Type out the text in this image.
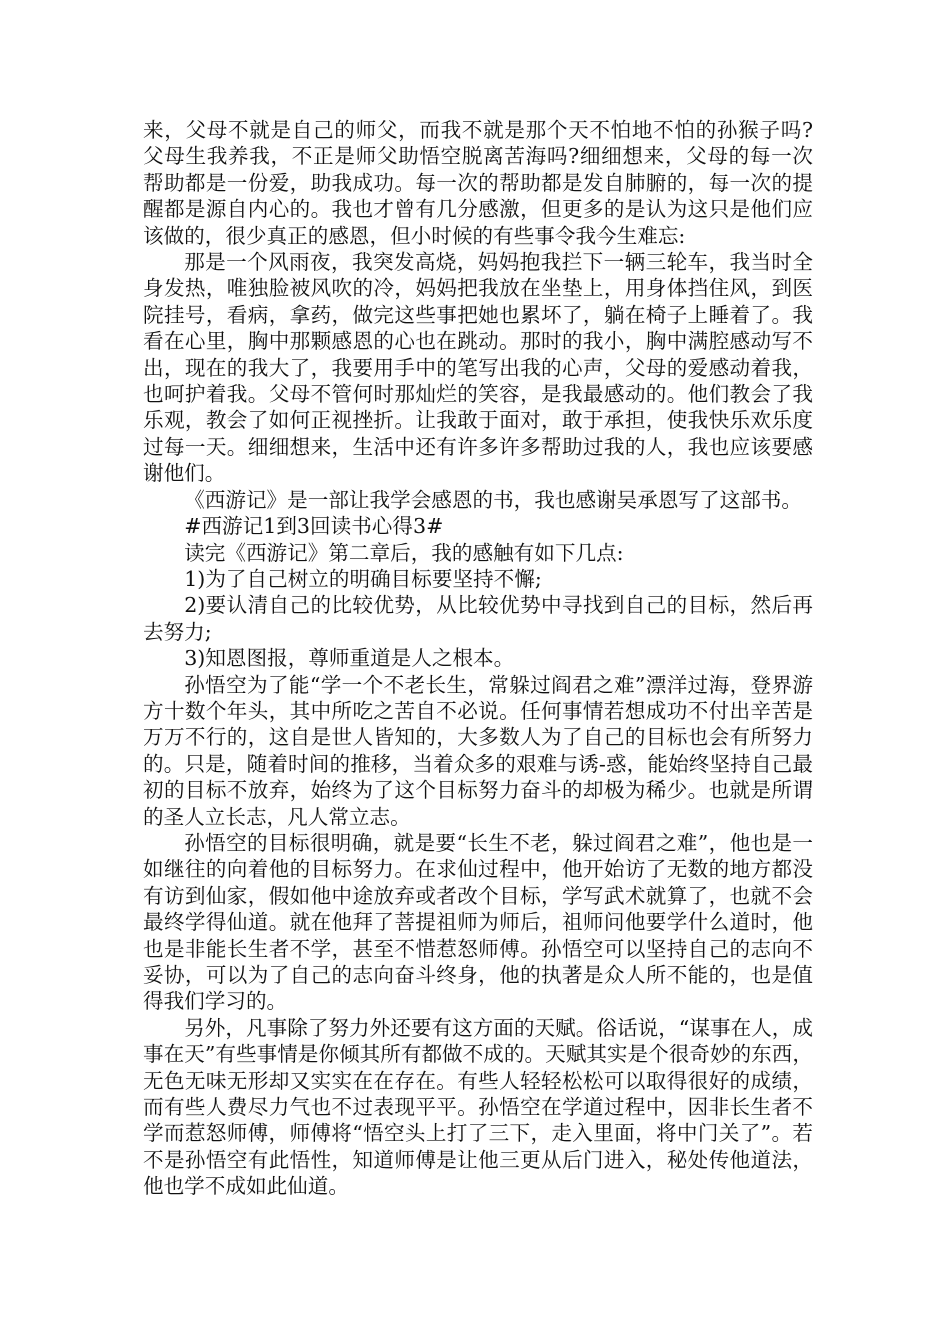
来，父母不就是自己的师父，而我不就是那个天不怕地不怕的孙猴子吗?父母生我养我，不正是师父助悟空脱离苦海吗?细细想来，父母的每一次帮助都是一份爱，助我成功。每一次的帮助都是发自肺腑的，每一次的提醒都是源自内心的。我也才曾有几分感激，但更多的是认为这只是他们应该做的，很少真正的感恩，但小时候的有些事令我今生难忘:

那是一个风雨夜，我突发高烧，妈妈抱我拦下一辆三轮车，我当时全身发热，唯独脸被风吹的冷，妈妈把我放在坐垫上，用身体挡住风，到医院挂号，看病，拿药，做完这些事把她也累坏了，躺在椅子上睡着了。我看在心里，胸中那颗感恩的心也在跳动。那时的我小，胸中满腔感动写不出，现在的我大了，我要用手中的笔写出我的心声，父母的爱感动着我，也呵护着我。父母不管何时那灿烂的笑容，是我最感动的。他们教会了我乐观，教会了如何正视挫折。让我敢于面对，敢于承担，使我快乐欢乐度过每一天。细细想来，生活中还有许多许多帮助过我的人，我也应该要感谢他们。

《西游记》是一部让我学会感恩的书，我也感谢吴承恩写了这部书。

#西游记1到3回读书心得3#

读完《西游记》第二章后，我的感触有如下几点:

1)为了自己树立的明确目标要坚持不懈;

2)要认清自己的比较优势，从比较优势中寻找到自己的目标，然后再去努力;

3)知恩图报，尊师重道是人之根本。

孙悟空为了能“学一个不老长生，常躲过阎君之难”漂洋过海，登界游方十数个年头，其中所吃之苦自不必说。任何事情若想成功不付出辛苦是万万不行的，这自是世人皆知的，大多数人为了自己的目标也会有所努力的。只是，随着时间的推移，当着众多的艰难与诱-惑，能始终坚持自己最初的目标不放弃，始终为了这个目标努力奋斗的却极为稀少。也就是所谓的圣人立长志，凡人常立志。

孙悟空的目标很明确，就是要“长生不老，躲过阎君之难”，他也是一如继往的向着他的目标努力。在求仙过程中，他开始访了无数的地方都没有访到仙家，假如他中途放弃或者改个目标，学写武术就算了，也就不会最终学得仙道。就在他拜了菩提祖师为师后，祖师问他要学什么道时，他也是非能长生者不学，甚至不惜惹怒师傅。孙悟空可以坚持自己的志向不妥协，可以为了自己的志向奋斗终身，他的执著是众人所不能的，也是值得我们学习的。

另外，凡事除了努力外还要有这方面的天赋。俗话说，“谋事在人，成事在天”有些事情是你倾其所有都做不成的。天赋其实是个很奇妙的东西，无色无味无形却又实实在在存在。有些人轻轻松松可以取得很好的成绩，而有些人费尽力气也不过表现平平。孙悟空在学道过程中，因非长生者不学而惹怒师傅，师傅将“悟空头上打了三下，走入里面，将中门关了”。若不是孙悟空有此悟性，知道师傅是让他三更从后门进入，秘处传他道法，他也学不成如此仙道。
